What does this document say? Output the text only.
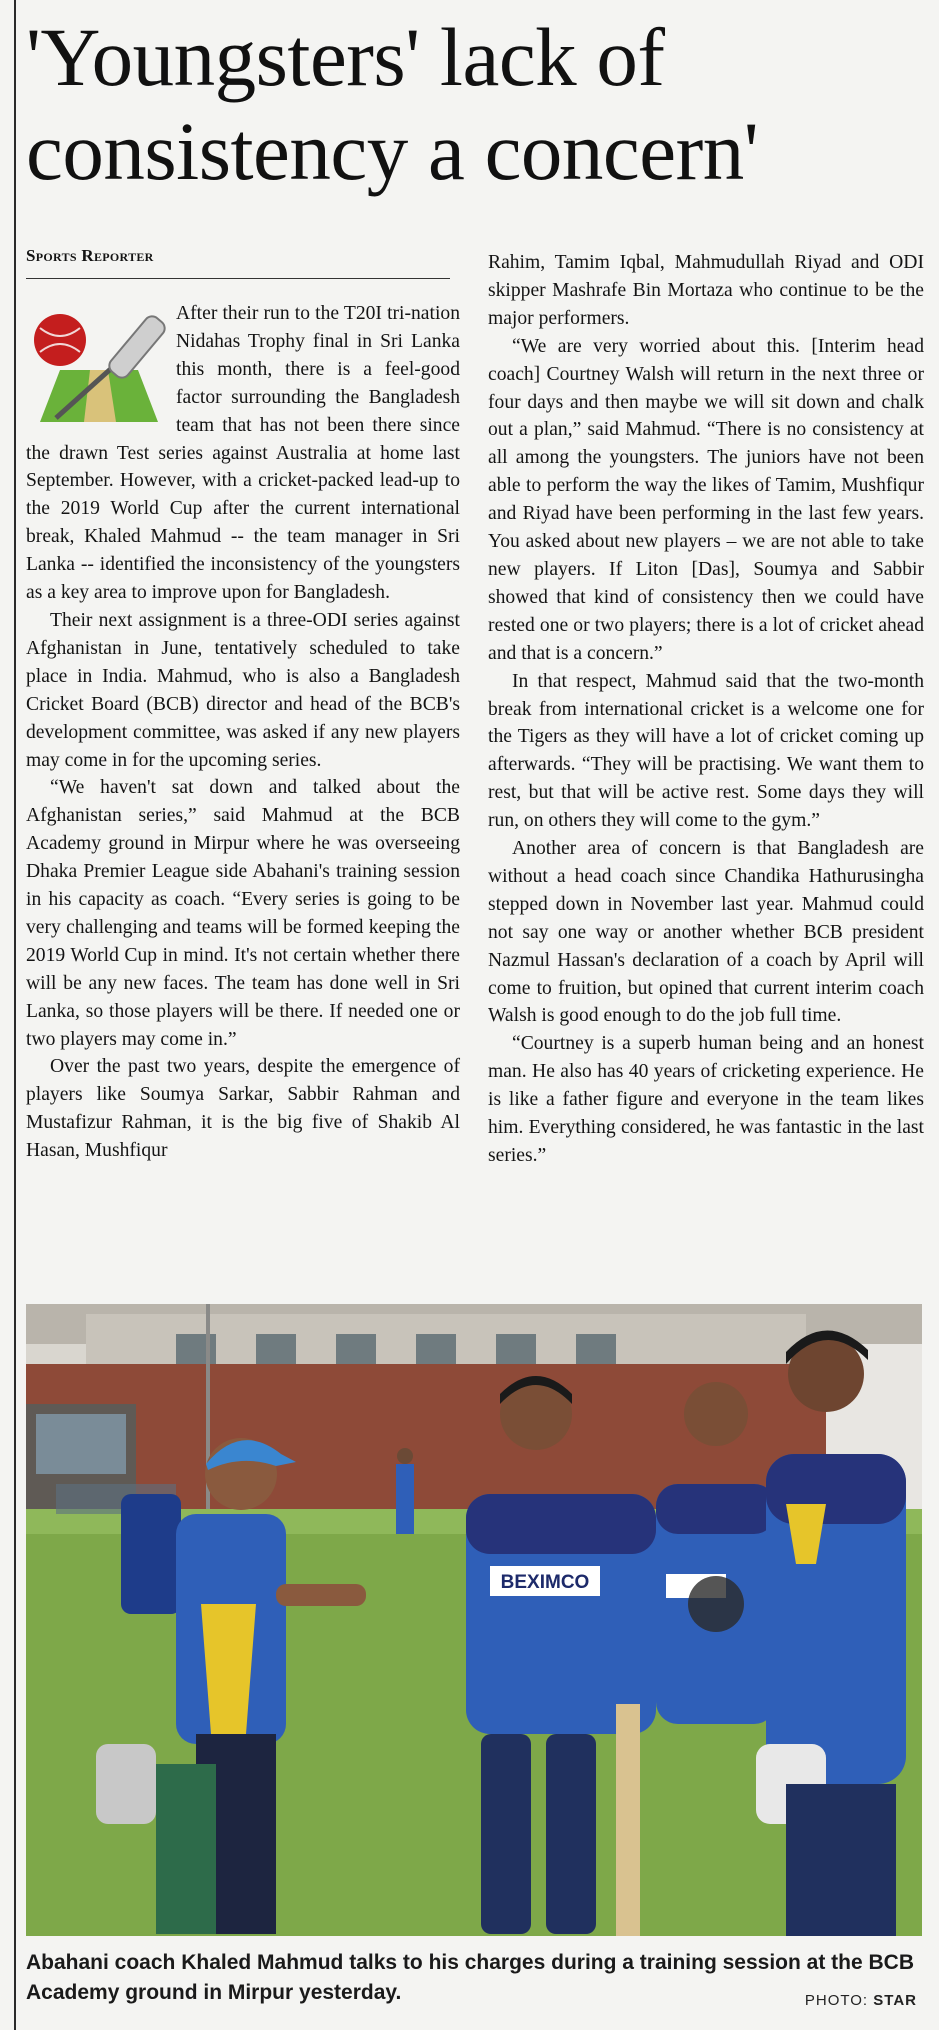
'Youngsters' lack of consistency a concern'
Sports Reporter

After their run to the T20I tri-nation Nidahas Trophy final in Sri Lanka this month, there is a feel-good factor surrounding the Bangladesh team that has not been there since the drawn Test series against Australia at home last September. However, with a cricket-packed lead-up to the 2019 World Cup after the current international break, Khaled Mahmud -- the team manager in Sri Lanka -- identified the inconsistency of the youngsters as a key area to improve upon for Bangladesh.

Their next assignment is a three-ODI series against Afghanistan in June, tentatively scheduled to take place in India. Mahmud, who is also a Bangladesh Cricket Board (BCB) director and head of the BCB's development committee, was asked if any new players may come in for the upcoming series.

“We haven't sat down and talked about the Afghanistan series,” said Mahmud at the BCB Academy ground in Mirpur where he was overseeing Dhaka Premier League side Abahani's training session in his capacity as coach. “Every series is going to be very challenging and teams will be formed keeping the 2019 World Cup in mind. It's not certain whether there will be any new faces. The team has done well in Sri Lanka, so those players will be there. If needed one or two players may come in.”

Over the past two years, despite the emergence of players like Soumya Sarkar, Sabbir Rahman and Mustafizur Rahman, it is the big five of Shakib Al Hasan, Mushfiqur

Rahim, Tamim Iqbal, Mahmudullah Riyad and ODI skipper Mashrafe Bin Mortaza who continue to be the major performers.

“We are very worried about this. [Interim head coach] Courtney Walsh will return in the next three or four days and then maybe we will sit down and chalk out a plan,” said Mahmud. “There is no consistency at all among the youngsters. The juniors have not been able to perform the way the likes of Tamim, Mushfiqur and Riyad have been performing in the last few years. You asked about new players – we are not able to take new players. If Liton [Das], Soumya and Sabbir showed that kind of consistency then we could have rested one or two players; there is a lot of cricket ahead and that is a concern.”

In that respect, Mahmud said that the two-month break from international cricket is a welcome one for the Tigers as they will have a lot of cricket coming up afterwards. “They will be practising. We want them to rest, but that will be active rest. Some days they will run, on others they will come to the gym.”

Another area of concern is that Bangladesh are without a head coach since Chandika Hathurusingha stepped down in November last year. Mahmud could not say one way or another whether BCB president Nazmul Hassan's declaration of a coach by April will come to fruition, but opined that current interim coach Walsh is good enough to do the job full time.

“Courtney is a superb human being and an honest man. He also has 40 years of cricketing experience. He is like a father figure and everyone in the team likes him. Everything considered, he was fantastic in the last series.”

BEXIMCO
Abahani coach Khaled Mahmud talks to his charges during a training session at the BCB Academy ground in Mirpur yesterday.	PHOTO: STAR
